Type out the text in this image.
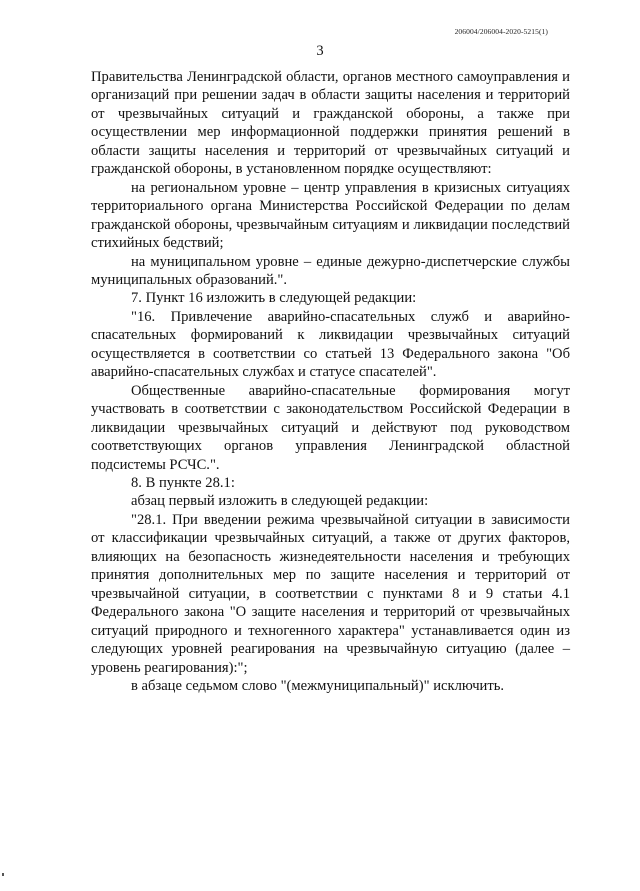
206004/206004-2020-5215(1)
3

Правительства Ленинградской области, органов местного самоуправления и организаций при решении задач в области защиты населения и территорий от чрезвычайных ситуаций и гражданской обороны, а также при осуществлении мер информационной поддержки принятия решений в области защиты населения и территорий от чрезвычайных ситуаций и гражданской обороны, в установленном порядке осуществляют:

на региональном уровне – центр управления в кризисных ситуациях территориального органа Министерства Российской Федерации по делам гражданской обороны, чрезвычайным ситуациям и ликвидации последствий стихийных бедствий;

на муниципальном уровне – единые дежурно-диспетчерские службы муниципальных образований.".

7. Пункт 16 изложить в следующей редакции:

"16. Привлечение аварийно-спасательных служб и аварийно-спасательных формирований к ликвидации чрезвычайных ситуаций осуществляется в соответствии со статьей 13 Федерального закона "Об аварийно-спасательных службах и статусе спасателей".

Общественные аварийно-спасательные формирования могут участвовать в соответствии с законодательством Российской Федерации в ликвидации чрезвычайных ситуаций и действуют под руководством соответствующих органов управления Ленинградской областной подсистемы РСЧС.".

8. В пункте 28.1:

абзац первый изложить в следующей редакции:

"28.1. При введении режима чрезвычайной ситуации в зависимости от классификации чрезвычайных ситуаций, а также от других факторов, влияющих на безопасность жизнедеятельности населения и требующих принятия дополнительных мер по защите населения и территорий от чрезвычайной ситуации, в соответствии с пунктами 8 и 9 статьи 4.1 Федерального закона "О защите населения и территорий от чрезвычайных ситуаций природного и техногенного характера" устанавливается один из следующих уровней реагирования на чрезвычайную ситуацию (далее – уровень реагирования):";

в абзаце седьмом слово "(межмуниципальный)" исключить.
